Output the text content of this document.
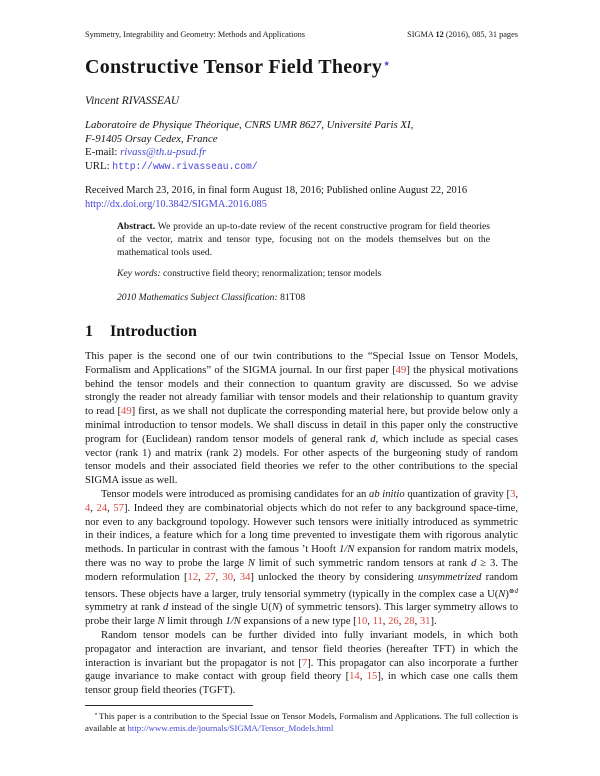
Symmetry, Integrability and Geometry: Methods and Applications	SIGMA 12 (2016), 085, 31 pages
Constructive Tensor Field Theory⋆
Vincent RIVASSEAU
Laboratoire de Physique Théorique, CNRS UMR 8627, Université Paris XI,
F-91405 Orsay Cedex, France
E-mail: rivass@th.u-psud.fr
URL: http://www.rivasseau.com/
Received March 23, 2016, in final form August 18, 2016; Published online August 22, 2016
http://dx.doi.org/10.3842/SIGMA.2016.085
Abstract. We provide an up-to-date review of the recent constructive program for field theories of the vector, matrix and tensor type, focusing not on the models themselves but on the mathematical tools used.
Key words: constructive field theory; renormalization; tensor models
2010 Mathematics Subject Classification: 81T08
1 Introduction

This paper is the second one of our twin contributions to the “Special Issue on Tensor Models, Formalism and Applications” of the SIGMA journal. In our first paper [49] the physical motivations behind the tensor models and their connection to quantum gravity are discussed. So we advise strongly the reader not already familiar with tensor models and their relationship to quantum gravity to read [49] first, as we shall not duplicate the corresponding material here, but provide below only a minimal introduction to tensor models. We shall discuss in detail in this paper only the constructive program for (Euclidean) random tensor models of general rank d, which include as special cases vector (rank 1) and matrix (rank 2) models. For other aspects of the burgeoning study of random tensor models and their associated field theories we refer to the other contributions to the special SIGMA issue as well.

Tensor models were introduced as promising candidates for an ab initio quantization of gravity [3, 4, 24, 57]. Indeed they are combinatorial objects which do not refer to any background space-time, nor even to any background topology. However such tensors were initially introduced as symmetric in their indices, a feature which for a long time prevented to investigate them with rigorous analytic methods. In particular in contrast with the famous ’t Hooft 1/N expansion for random matrix models, there was no way to probe the large N limit of such symmetric random tensors at rank d ≥ 3. The modern reformulation [12, 27, 30, 34] unlocked the theory by considering unsymmetrized random tensors. These objects have a larger, truly tensorial symmetry (typically in the complex case a $U(N)^{\otimes d}$ symmetry at rank d instead of the single U(N) of symmetric tensors). This larger symmetry allows to probe their large N limit through 1/N expansions of a new type [10, 11, 26, 28, 31].

Random tensor models can be further divided into fully invariant models, in which both propagator and interaction are invariant, and tensor field theories (hereafter TFT) in which the interaction is invariant but the propagator is not [7]. This propagator can also incorporate a further gauge invariance to make contact with group field theory [14, 15], in which case one calls them tensor group field theories (TGFT).

⋆This paper is a contribution to the Special Issue on Tensor Models, Formalism and Applications. The full collection is available at http://www.emis.de/journals/SIGMA/Tensor_Models.html
